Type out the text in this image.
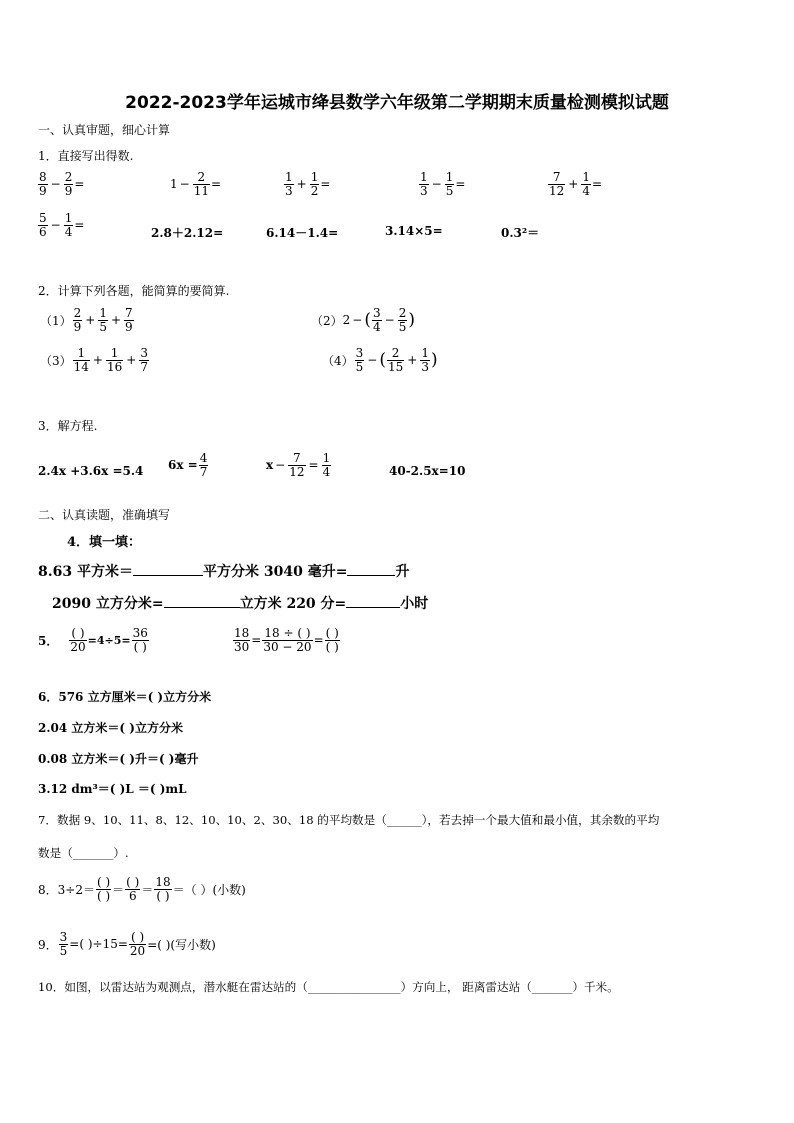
2022-2023学年运城市绛县数学六年级第二学期期末质量检测模拟试题
一、认真审题，细心计算
1．直接写出得数.
$\frac{8}{9} - \frac{2}{9}$ =	$1 - \frac{2}{11}$ =	$\frac{1}{3} + \frac{1}{2}$ =	$\frac{1}{3} - \frac{1}{5}$ =	$\frac{7}{12} + \frac{1}{4}$ =
$\frac{5}{6} - \frac{1}{4}$ =
2.8＋2.12=	6.14－1.4=	3.14×5=	0.3²＝
2．计算下列各题，能简算的要简算.
$(1) \frac{2}{9} + \frac{1}{5} + \frac{7}{9}$	（2） 2 − ( $\frac{3}{4} - \frac{2}{5}$ )
$(3) \frac{1}{14} + \frac{1}{16} + \frac{3}{7}$	$(4) \frac{3}{5}$ − ( $\frac{2}{15} + \frac{1}{3}$ )
3．解方程.
2.4x +3.6x =5.4 $6x = \frac{4}{7}$	$x - \frac{7}{12} = \frac{1}{4}$	40-2.5x=10
二、认真读题，准确填写
4．填一填：
8.63 平方米＝	平方分米 3040 毫升=	升
2090 立方分米=	立方米 220 分=	小时
5． $\frac{( )}{20} =4\div 5= \frac{36}{( )}$	$\frac{18}{30} = \frac{18 \div ( )}{30 - 20} = \frac{( )}{( )}$
6．576 立方厘米＝( )立方分米
2.04 立方米＝( )立方分米
0.08 立方米＝( )升＝( )毫升
3.12 dm³＝( )L ＝( )mL
7．数据 9、10、11、8、12、10、10、2、30、18 的平均数是（______），若去掉一个最大值和最小值，其余数的平均
数是（_______）.
8．$3\div 2= \frac{( )}{( )} = \frac{( )}{6} = \frac{18}{( )}$ ＝（ ）(小数)
9． $\frac{3}{5}$ =( )$\div 15= \frac{( )}{20}$ =( )(写小数)
10．如图，以雷达站为观测点，潜水艇在雷达站的（________________）方向上， 距离雷达站（_______）千米。
